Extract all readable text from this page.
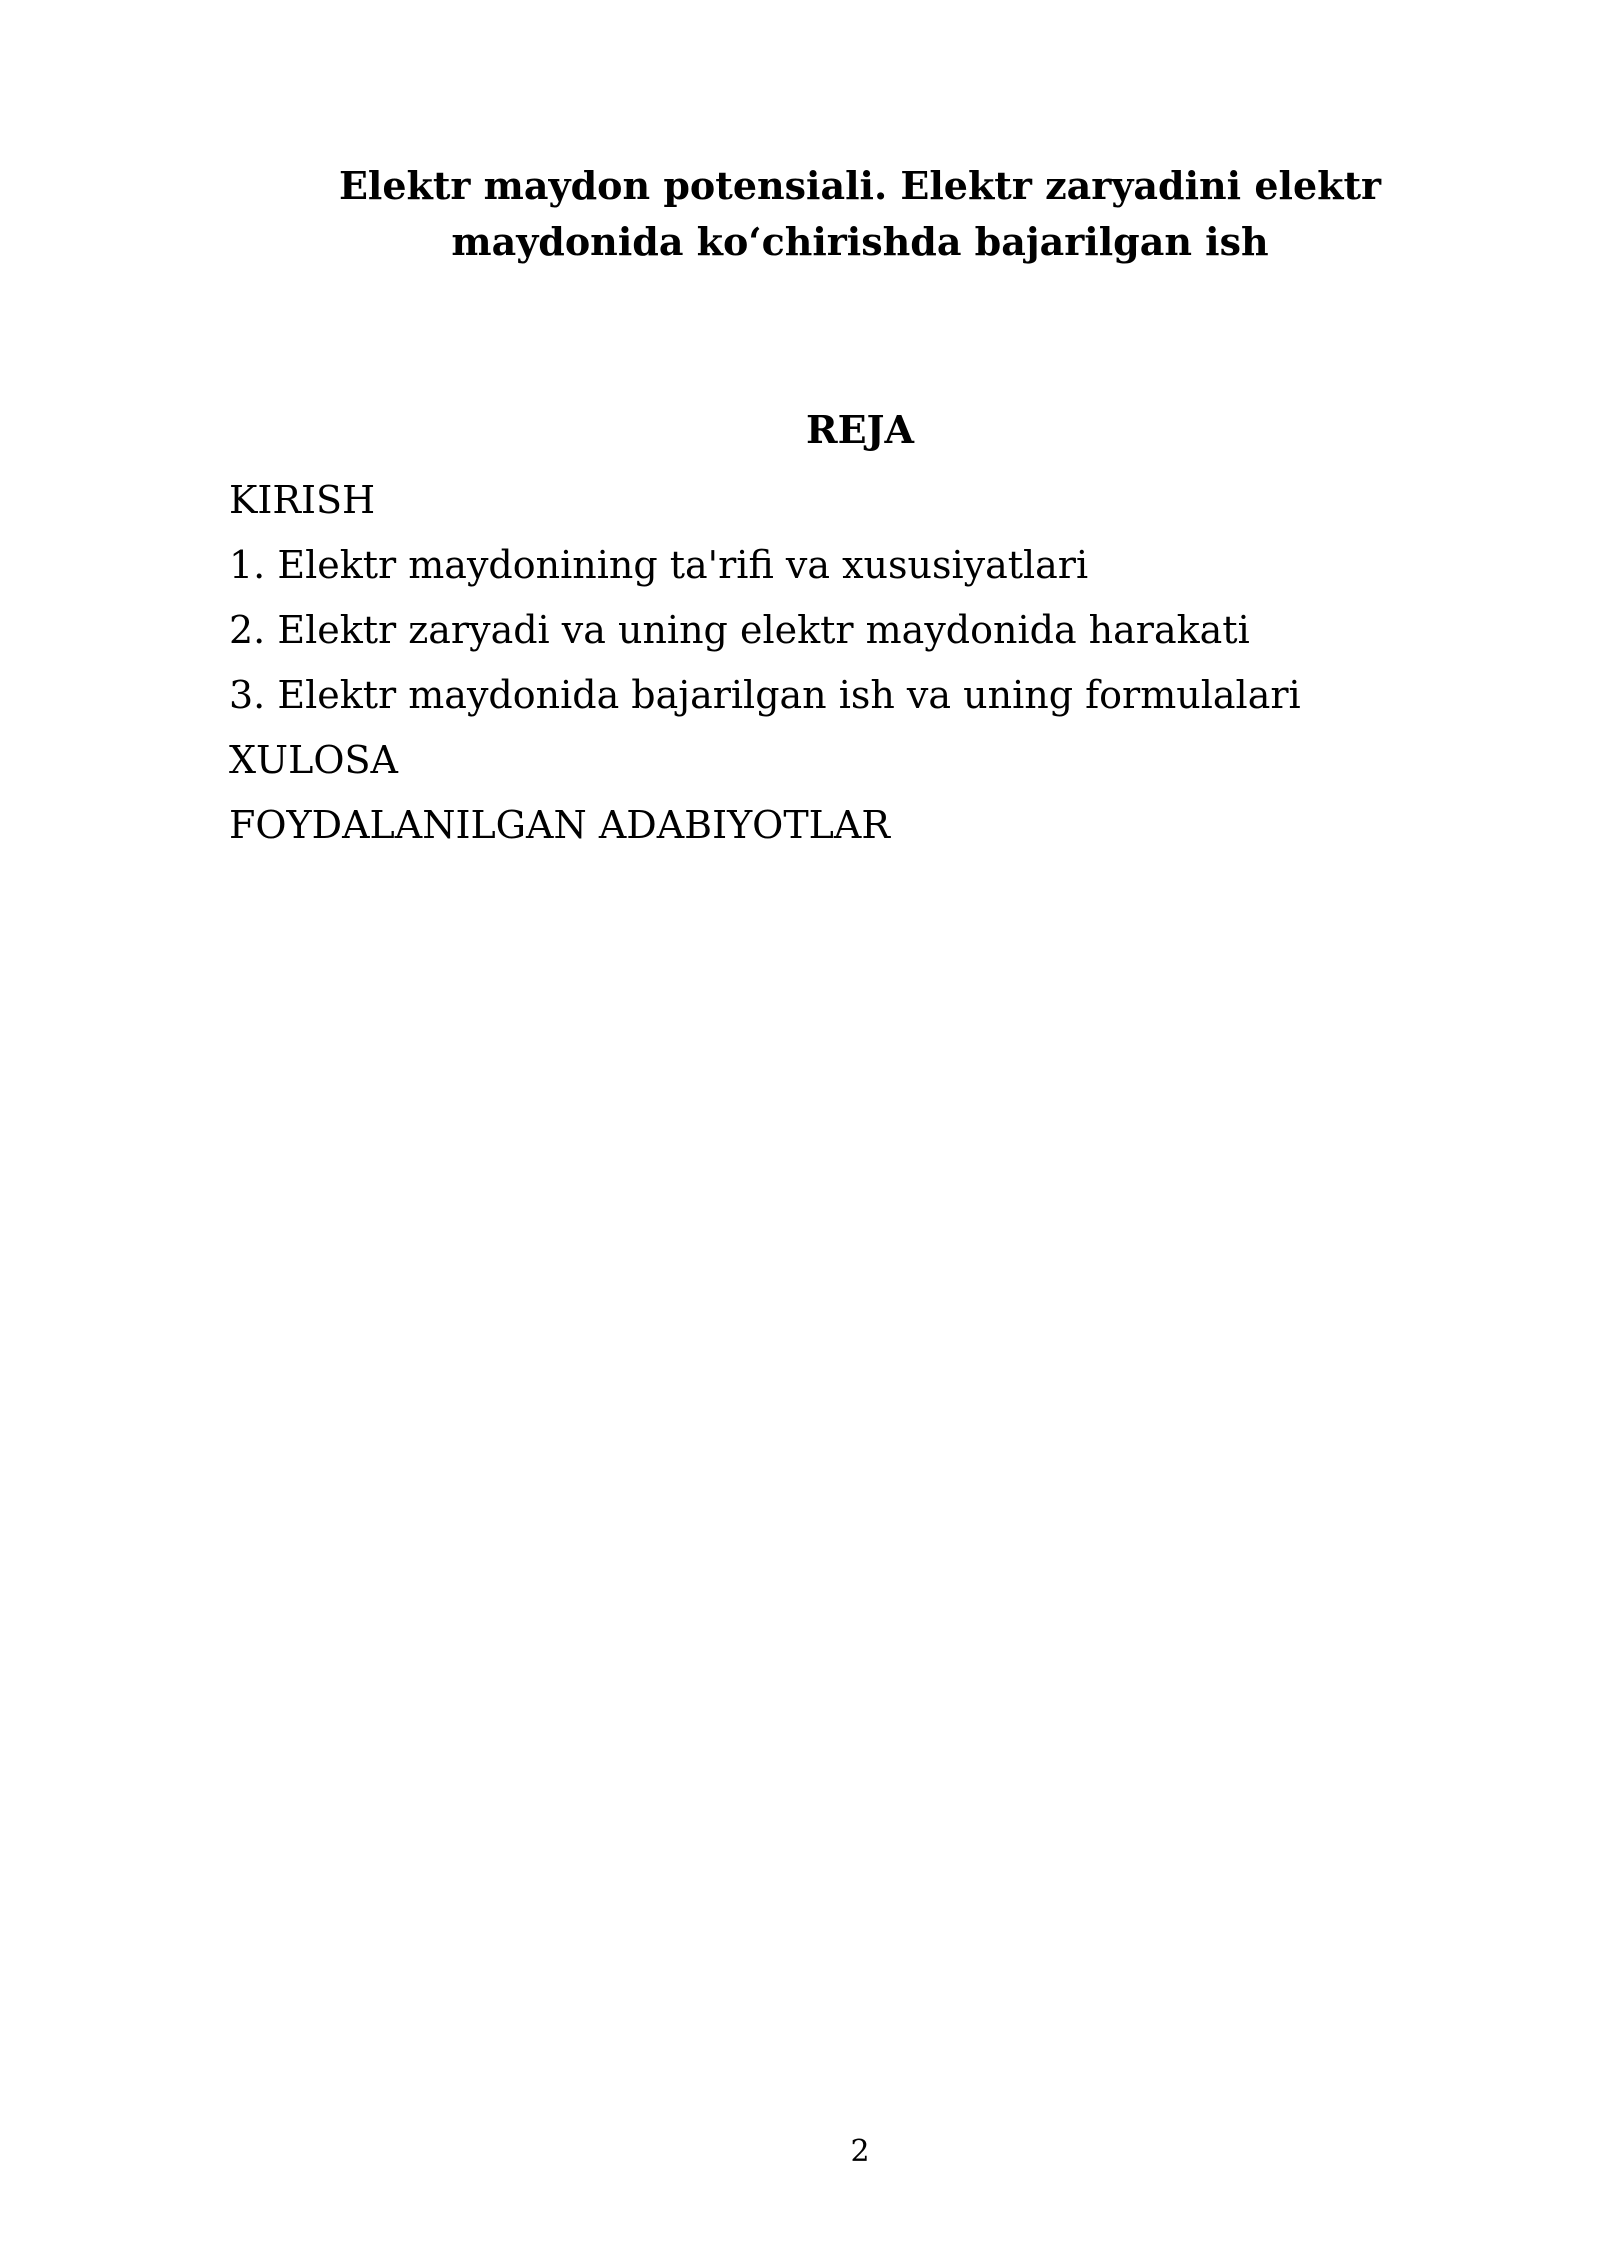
Elektr maydon potensiali. Elektr zaryadini elektr
maydonida ko‘chirishda bajarilgan ish
REJA
KIRISH
1. Elektr maydonining ta'rifi va xususiyatlari
2. Elektr zaryadi va uning elektr maydonida harakati
3. Elektr maydonida bajarilgan ish va uning formulalari
XULOSA
FOYDALANILGAN ADABIYOTLAR
2
